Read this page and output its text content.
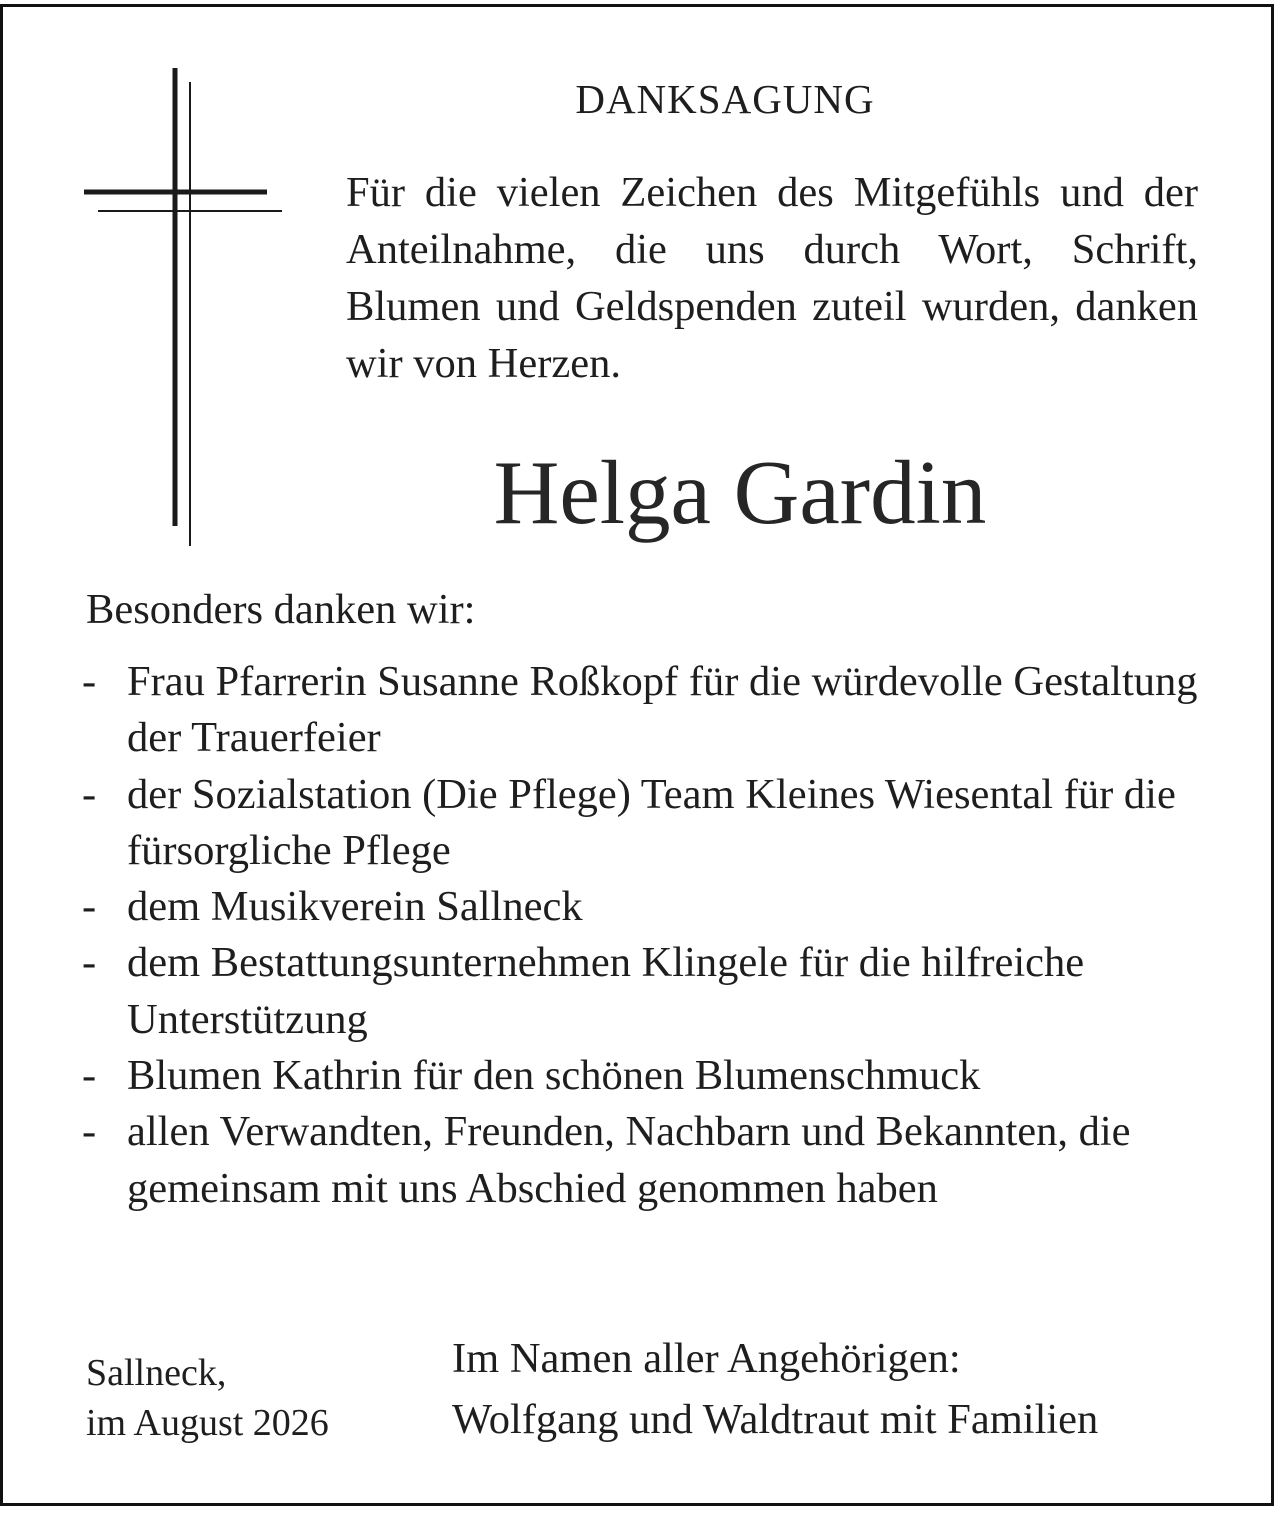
DANKSAGUNG
Für die vielen Zeichen des Mitgefühls und der Anteilnahme, die uns durch Wort, Schrift, Blumen und Geldspenden zuteil wurden, danken wir von Herzen.
Helga Gardin
Besonders danken wir:
- Frau Pfarrerin Susanne Roßkopf für die würdevolle Gestaltung der Trauerfeier
- der Sozialstation (Die Pflege) Team Kleines Wiesental für die fürsorgliche Pflege
- dem Musikverein Sallneck
- dem Bestattungsunternehmen Klingele für die hilfreiche Unterstützung
- Blumen Kathrin für den schönen Blumenschmuck
- allen Verwandten, Freunden, Nachbarn und Bekannten, die gemeinsam mit uns Abschied genommen haben
Sallneck,
im August 2026
Im Namen aller Angehörigen:
Wolfgang und Waldtraut mit Familien
